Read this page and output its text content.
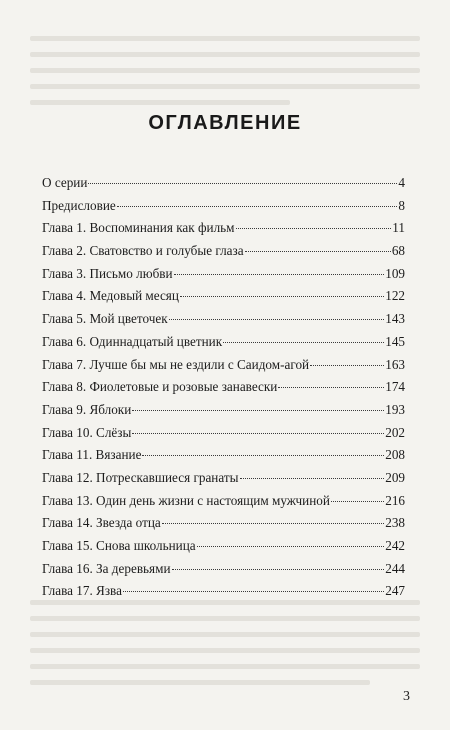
ОГЛАВЛЕНИЕ
О серии	4
Предисловие	8
Глава 1. Воспоминания как фильм	11
Глава 2. Сватовство и голубые глаза	68
Глава 3. Письмо любви	109
Глава 4. Медовый месяц	122
Глава 5. Мой цветочек	143
Глава 6. Одиннадцатый цветник	145
Глава 7. Лучше бы мы не ездили с Саидом-агой	163
Глава 8. Фиолетовые и розовые занавески	174
Глава 9. Яблоки	193
Глава 10. Слёзы	202
Глава 11. Вязание	208
Глава 12. Потрескавшиеся гранаты	209
Глава 13. Один день жизни с настоящим мужчиной	216
Глава 14. Звезда отца	238
Глава 15. Снова школьница	242
Глава 16. За деревьями	244
Глава 17. Язва	247
3
